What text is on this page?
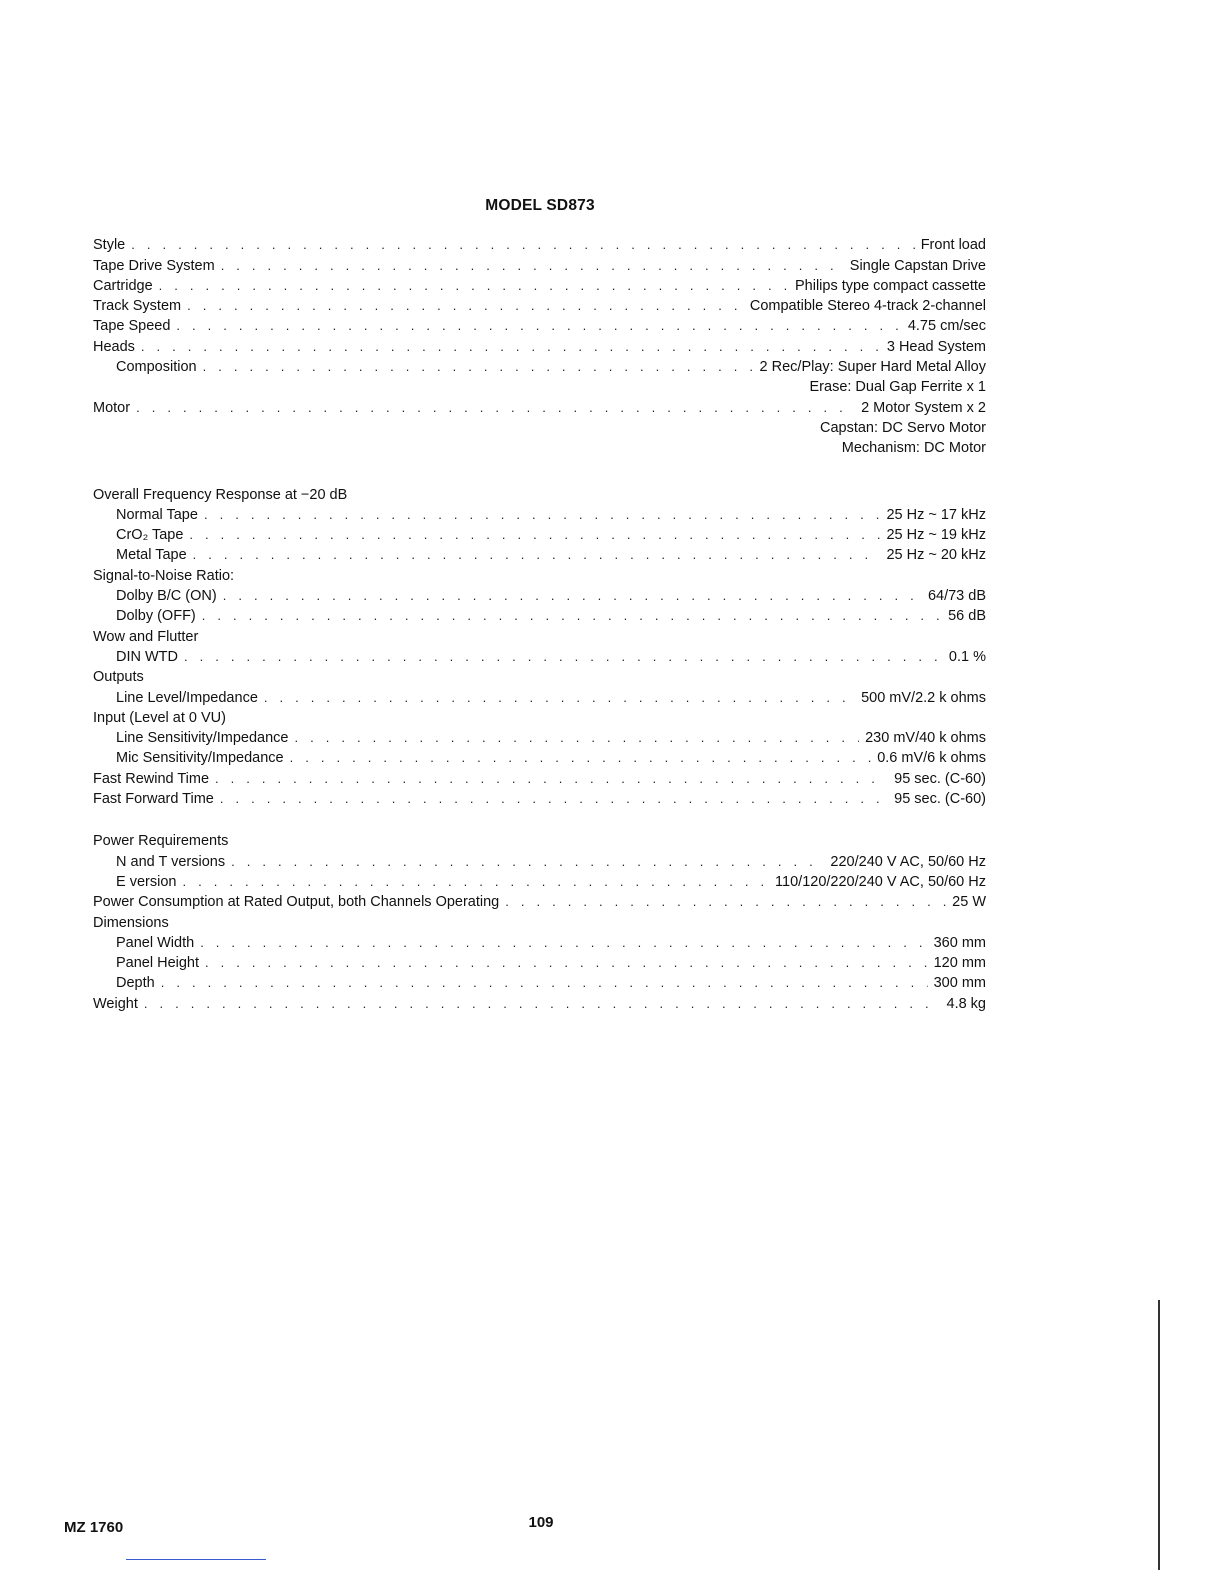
MODEL SD873
Style . . .	Front load
Tape Drive System . . .	Single Capstan Drive
Cartridge . . .	Philips type compact cassette
Track System . . .	Compatible Stereo 4-track 2-channel
Tape Speed . . .	4.75 cm/sec
Heads . . .	3 Head System
Composition . . .	2 Rec/Play: Super Hard Metal Alloy
Erase: Dual Gap Ferrite x 1
Motor . . .	2 Motor System x 2
Capstan: DC Servo Motor
Mechanism: DC Motor
Overall Frequency Response at −20 dB
Normal Tape . . .	25 Hz ~ 17 kHz
CrO₂ Tape . . .	25 Hz ~ 19 kHz
Metal Tape . . .	25 Hz ~ 20 kHz
Signal-to-Noise Ratio:
Dolby B/C (ON) . . .	64/73 dB
Dolby (OFF) . . .	56 dB
Wow and Flutter
DIN WTD . . .	0.1 %
Outputs
Line Level/Impedance . . .	500 mV/2.2 k ohms
Input (Level at 0 VU)
Line Sensitivity/Impedance . . .	230 mV/40 k ohms
Mic Sensitivity/Impedance . . .	0.6 mV/6 k ohms
Fast Rewind Time . . .	95 sec. (C-60)
Fast Forward Time . . .	95 sec. (C-60)
Power Requirements
N and T versions . . .	220/240 V AC, 50/60 Hz
E version . . .	110/120/220/240 V AC, 50/60 Hz
Power Consumption at Rated Output, both Channels Operating . . .	25 W
Dimensions
Panel Width . . .	360 mm
Panel Height . . .	120 mm
Depth . . .	300 mm
Weight . . .	4.8 kg
MZ 1760	109
